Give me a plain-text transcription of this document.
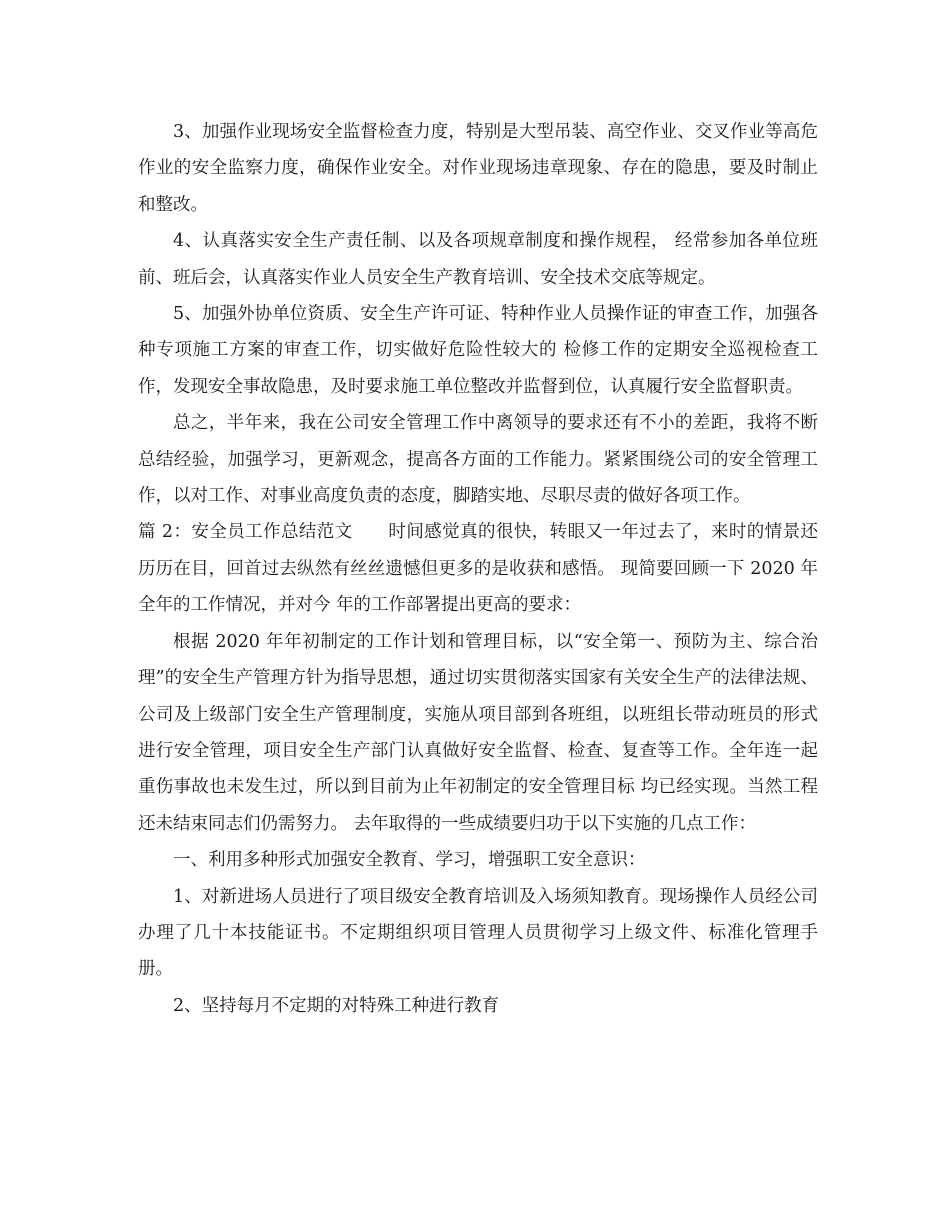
3、加强作业现场安全监督检查力度，特别是大型吊装、高空作业、交叉作业等高危作业的安全监察力度，确保作业安全。对作业现场违章现象、存在的隐患，要及时制止和整改。

4、认真落实安全生产责任制、以及各项规章制度和操作规程， 经常参加各单位班前、班后会，认真落实作业人员安全生产教育培训、安全技术交底等规定。

5、加强外协单位资质、安全生产许可证、特种作业人员操作证的审查工作，加强各种专项施工方案的审查工作，切实做好危险性较大的 检修工作的定期安全巡视检查工作，发现安全事故隐患，及时要求施工单位整改并监督到位，认真履行安全监督职责。

总之，半年来，我在公司安全管理工作中离领导的要求还有不小的差距，我将不断总结经验，加强学习，更新观念，提高各方面的工作能力。紧紧围绕公司的安全管理工作，以对工作、对事业高度负责的态度，脚踏实地、尽职尽责的做好各项工作。

篇 2：安全员工作总结范文　　时间感觉真的很快，转眼又一年过去了，来时的情景还历历在目，回首过去纵然有丝丝遗憾但更多的是收获和感悟。 现简要回顾一下 2020 年全年的工作情况，并对今 年的工作部署提出更高的要求：

根据 2020 年年初制定的工作计划和管理目标，以“安全第一、预防为主、综合治理”的安全生产管理方针为指导思想，通过切实贯彻落实国家有关安全生产的法律法规、公司及上级部门安全生产管理制度，实施从项目部到各班组，以班组长带动班员的形式进行安全管理，项目安全生产部门认真做好安全监督、检查、复查等工作。全年连一起重伤事故也未发生过，所以到目前为止年初制定的安全管理目标 均已经实现。当然工程还未结束同志们仍需努力。 去年取得的一些成绩要归功于以下实施的几点工作：

一、利用多种形式加强安全教育、学习，增强职工安全意识：

1、对新进场人员进行了项目级安全教育培训及入场须知教育。现场操作人员经公司办理了几十本技能证书。不定期组织项目管理人员贯彻学习上级文件、标准化管理手 册。

2、坚持每月不定期的对特殊工种进行教育
